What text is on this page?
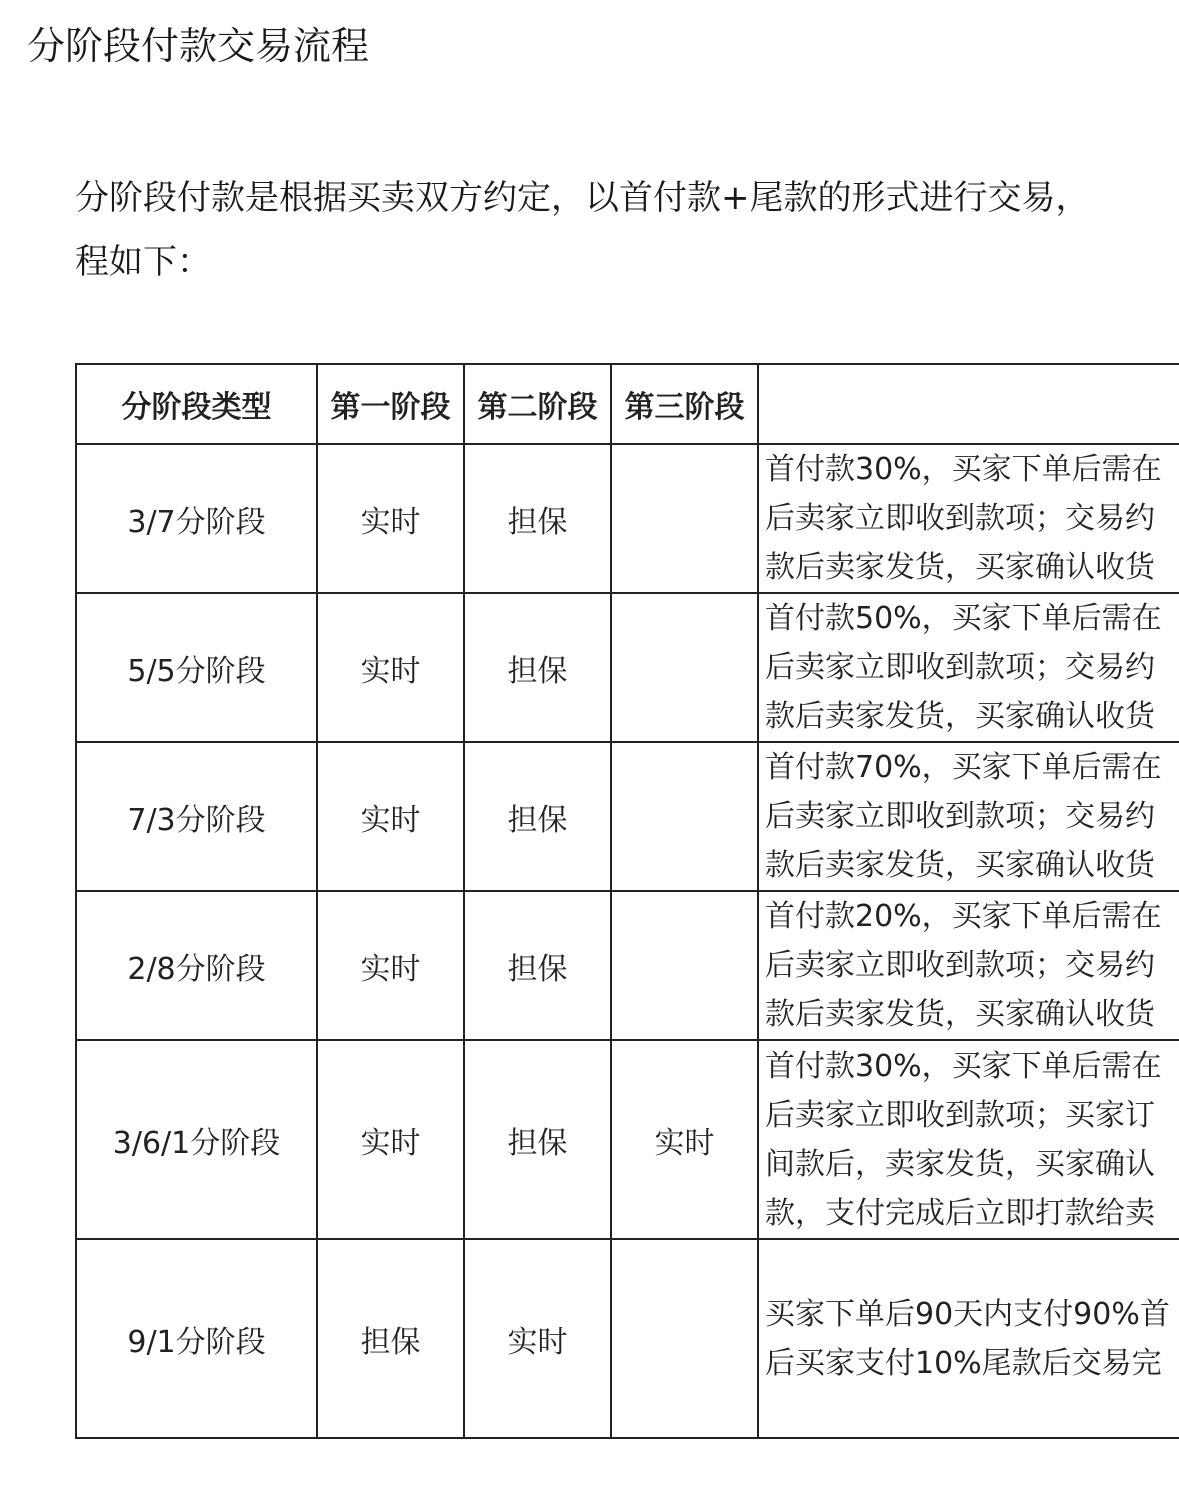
分阶段付款交易流程

分阶段付款是根据买卖双方约定，以首付款+尾款的形式进行交易，
程如下：

分阶段类型	第一阶段	第二阶段	第三阶段	
3/7分阶段	实时	担保		首付款30%，买家下单后需在
后卖家立即收到款项；交易约
款后卖家发货，买家确认收货

5/5分阶段	实时	担保		首付款50%，买家下单后需在
后卖家立即收到款项；交易约
款后卖家发货，买家确认收货

7/3分阶段	实时	担保		首付款70%，买家下单后需在
后卖家立即收到款项；交易约
款后卖家发货，买家确认收货

2/8分阶段	实时	担保		首付款20%，买家下单后需在
后卖家立即收到款项；交易约
款后卖家发货，买家确认收货

3/6/1分阶段	实时	担保	实时	首付款30%，买家下单后需在
后卖家立即收到款项；买家订
间款后，卖家发货，买家确认
款，支付完成后立即打款给卖

9/1分阶段	担保	实时		买家下单后90天内支付90%首
后买家支付10%尾款后交易完
